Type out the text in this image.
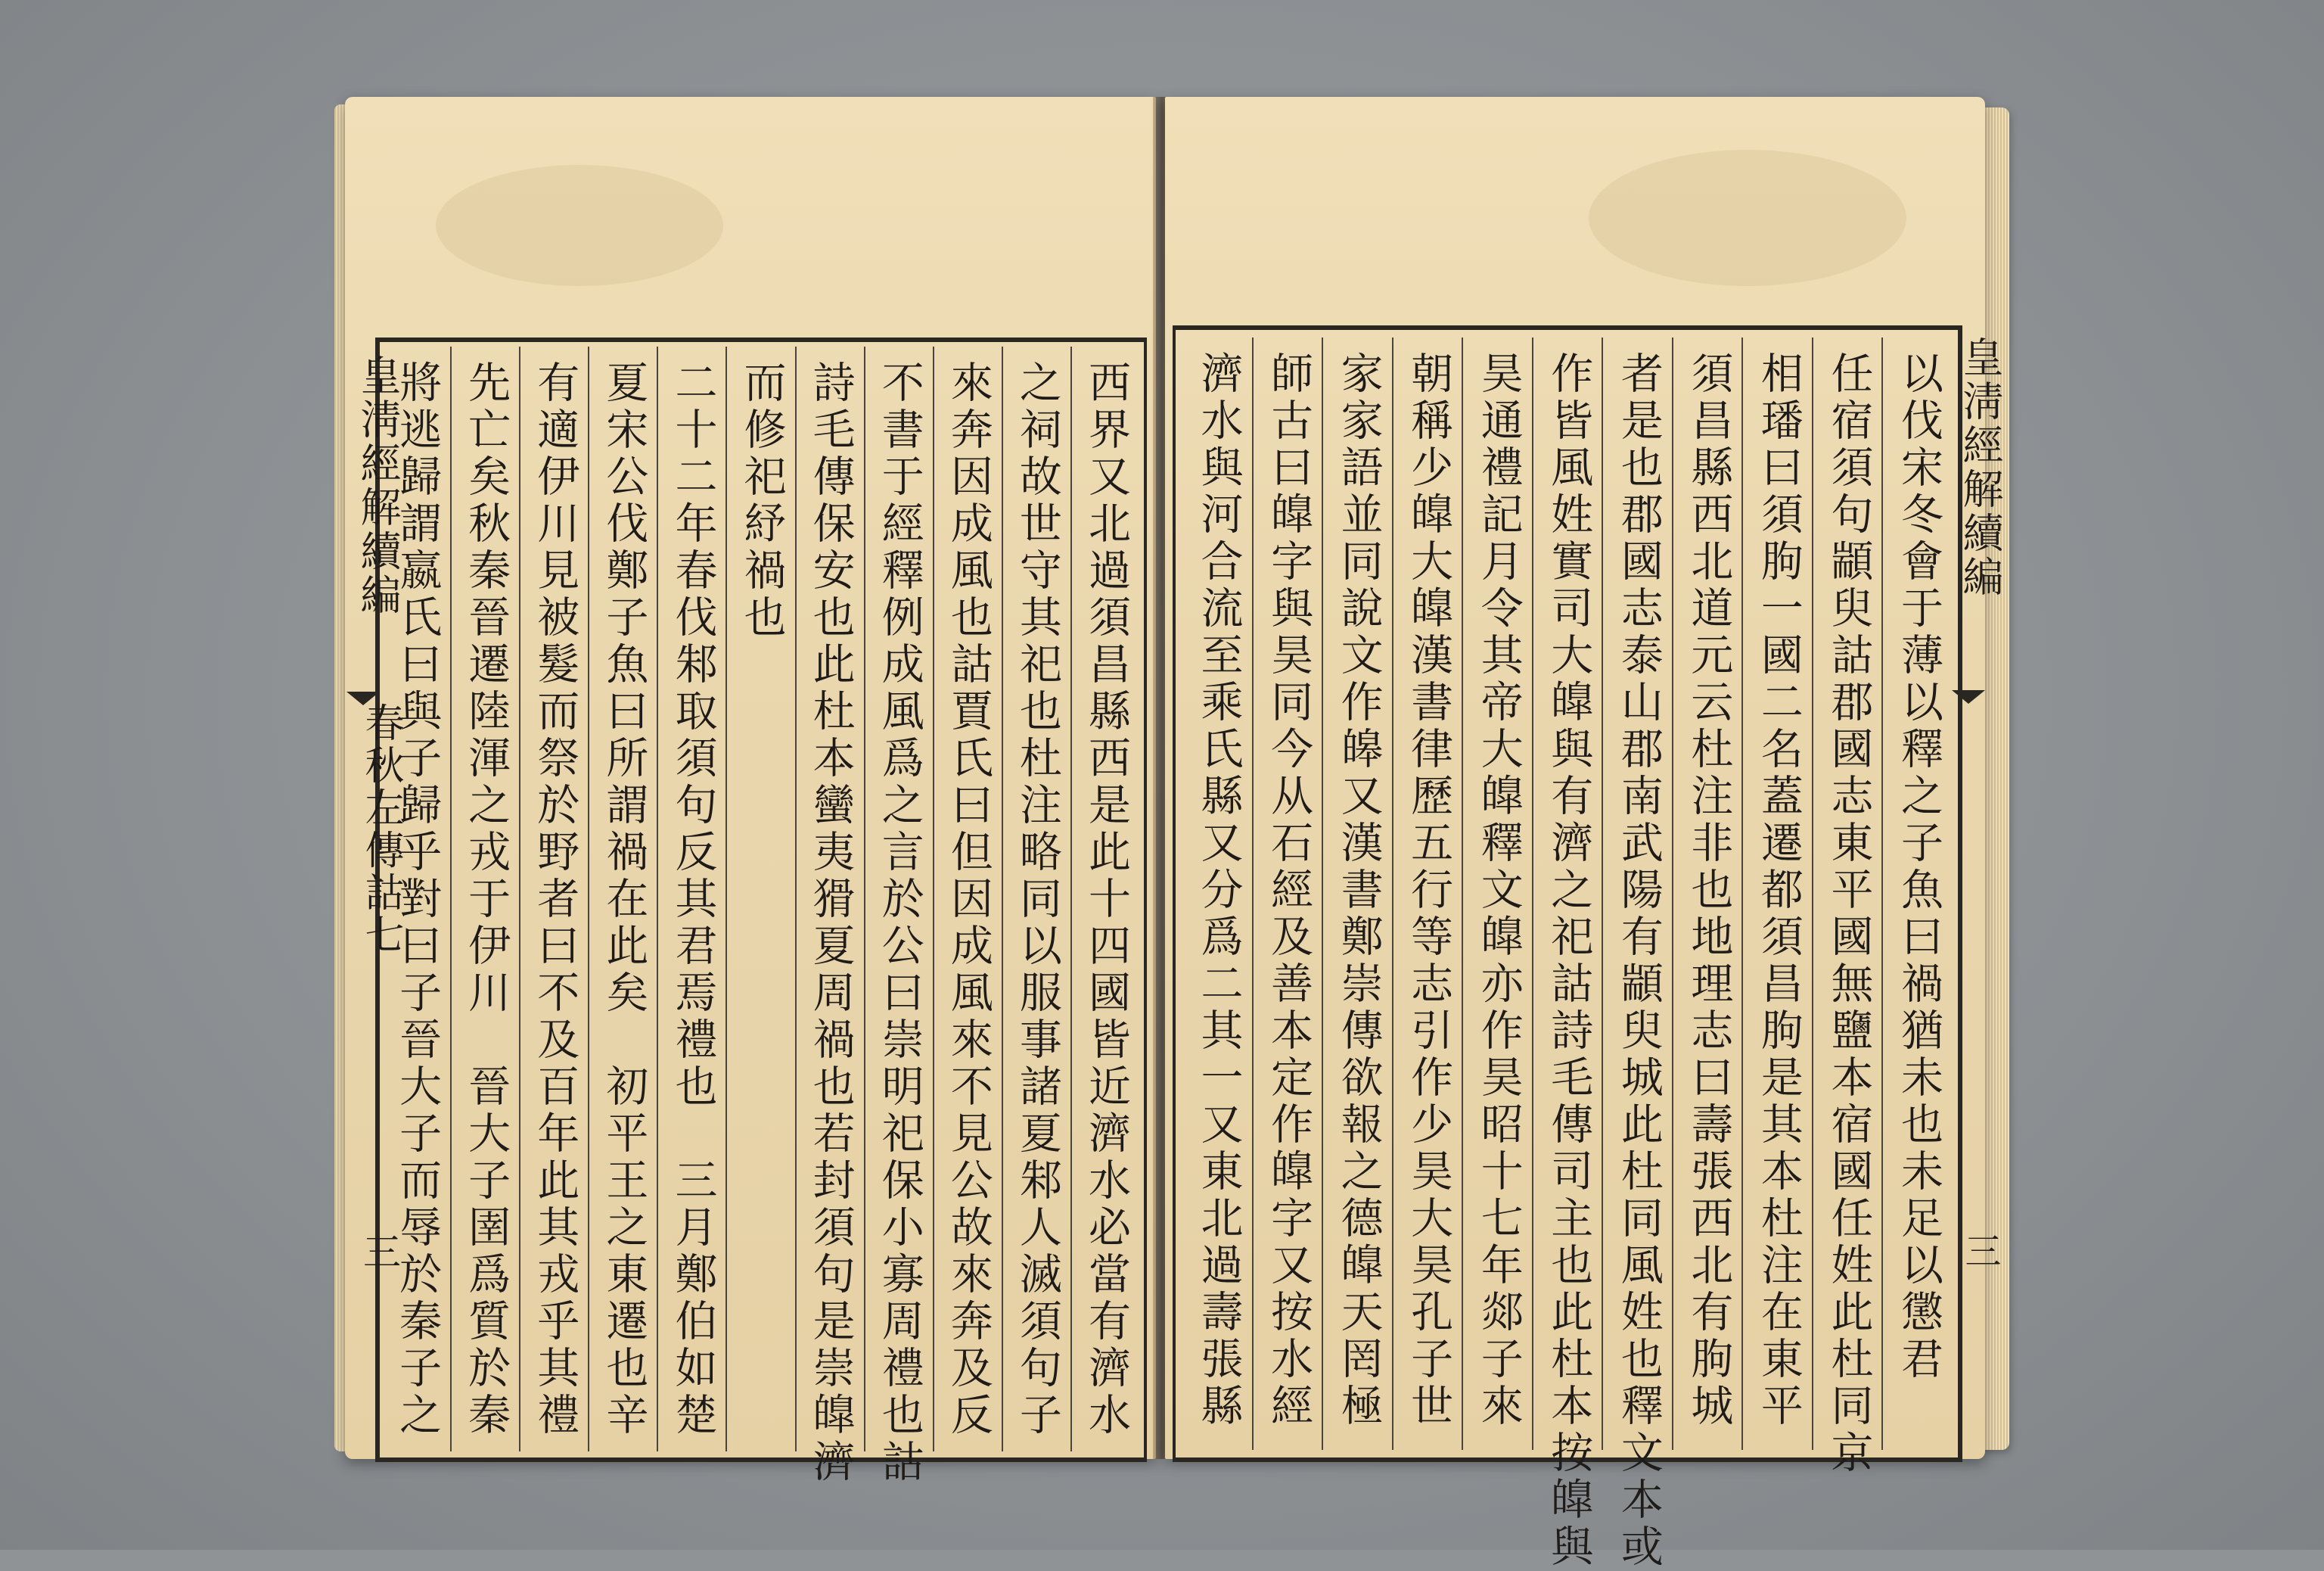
皇淸經解續編
春秋左傳詁七
三	西界又北過須昌縣西是此十四國皆近濟水必當有濟水
之祠故世守其祀也杜注略同以服事諸夏邾人滅須句子
來奔因成風也詁賈氏曰但因成風來不見公故來奔及反
不書于經釋例成風爲之言於公曰崇明祀保小寡周禮也詁
詩毛傳保安也此杜本蠻夷猾夏周禍也若封須句是崇皥濟
而修祀紓禍也
二十二年春伐邾取須句反其君焉禮也　三月鄭伯如楚
夏宋公伐鄭子魚曰所謂禍在此矣　初平王之東遷也辛
有適伊川見被髮而祭於野者曰不及百年此其戎乎其禮
先亡矣秋秦晉遷陸渾之戎于伊川　晉大子圉爲質於秦
將逃歸謂嬴氏曰與子歸乎對曰子晉大子而辱於秦子之	皇淸經解續編
三
以伐宋冬會于薄以釋之子魚曰禍猶未也未足以懲君
任宿須句顓臾詁郡國志東平國無鹽本宿國任姓此杜同京
相璠曰須朐一國二名蓋遷都須昌朐是其本杜注在東平
須昌縣西北道元云杜注非也地理志曰壽張西北有朐城
者是也郡國志泰山郡南武陽有顓臾城此杜同風姓也釋文本或
作皆風姓實司大皥與有濟之祀詁詩毛傳司主也此杜本按皥與
昊通禮記月令其帝大皥釋文皥亦作昊昭十七年郯子來
朝稱少皥大皥漢書律歷五行等志引作少昊大昊孔子世
家家語並同說文作皞又漢書鄭崇傳欲報之德皥天罔極
師古曰皥字與昊同今从石經及善本定作皥字又按水經
濟水與河合流至乘氏縣又分爲二其一又東北過壽張縣
